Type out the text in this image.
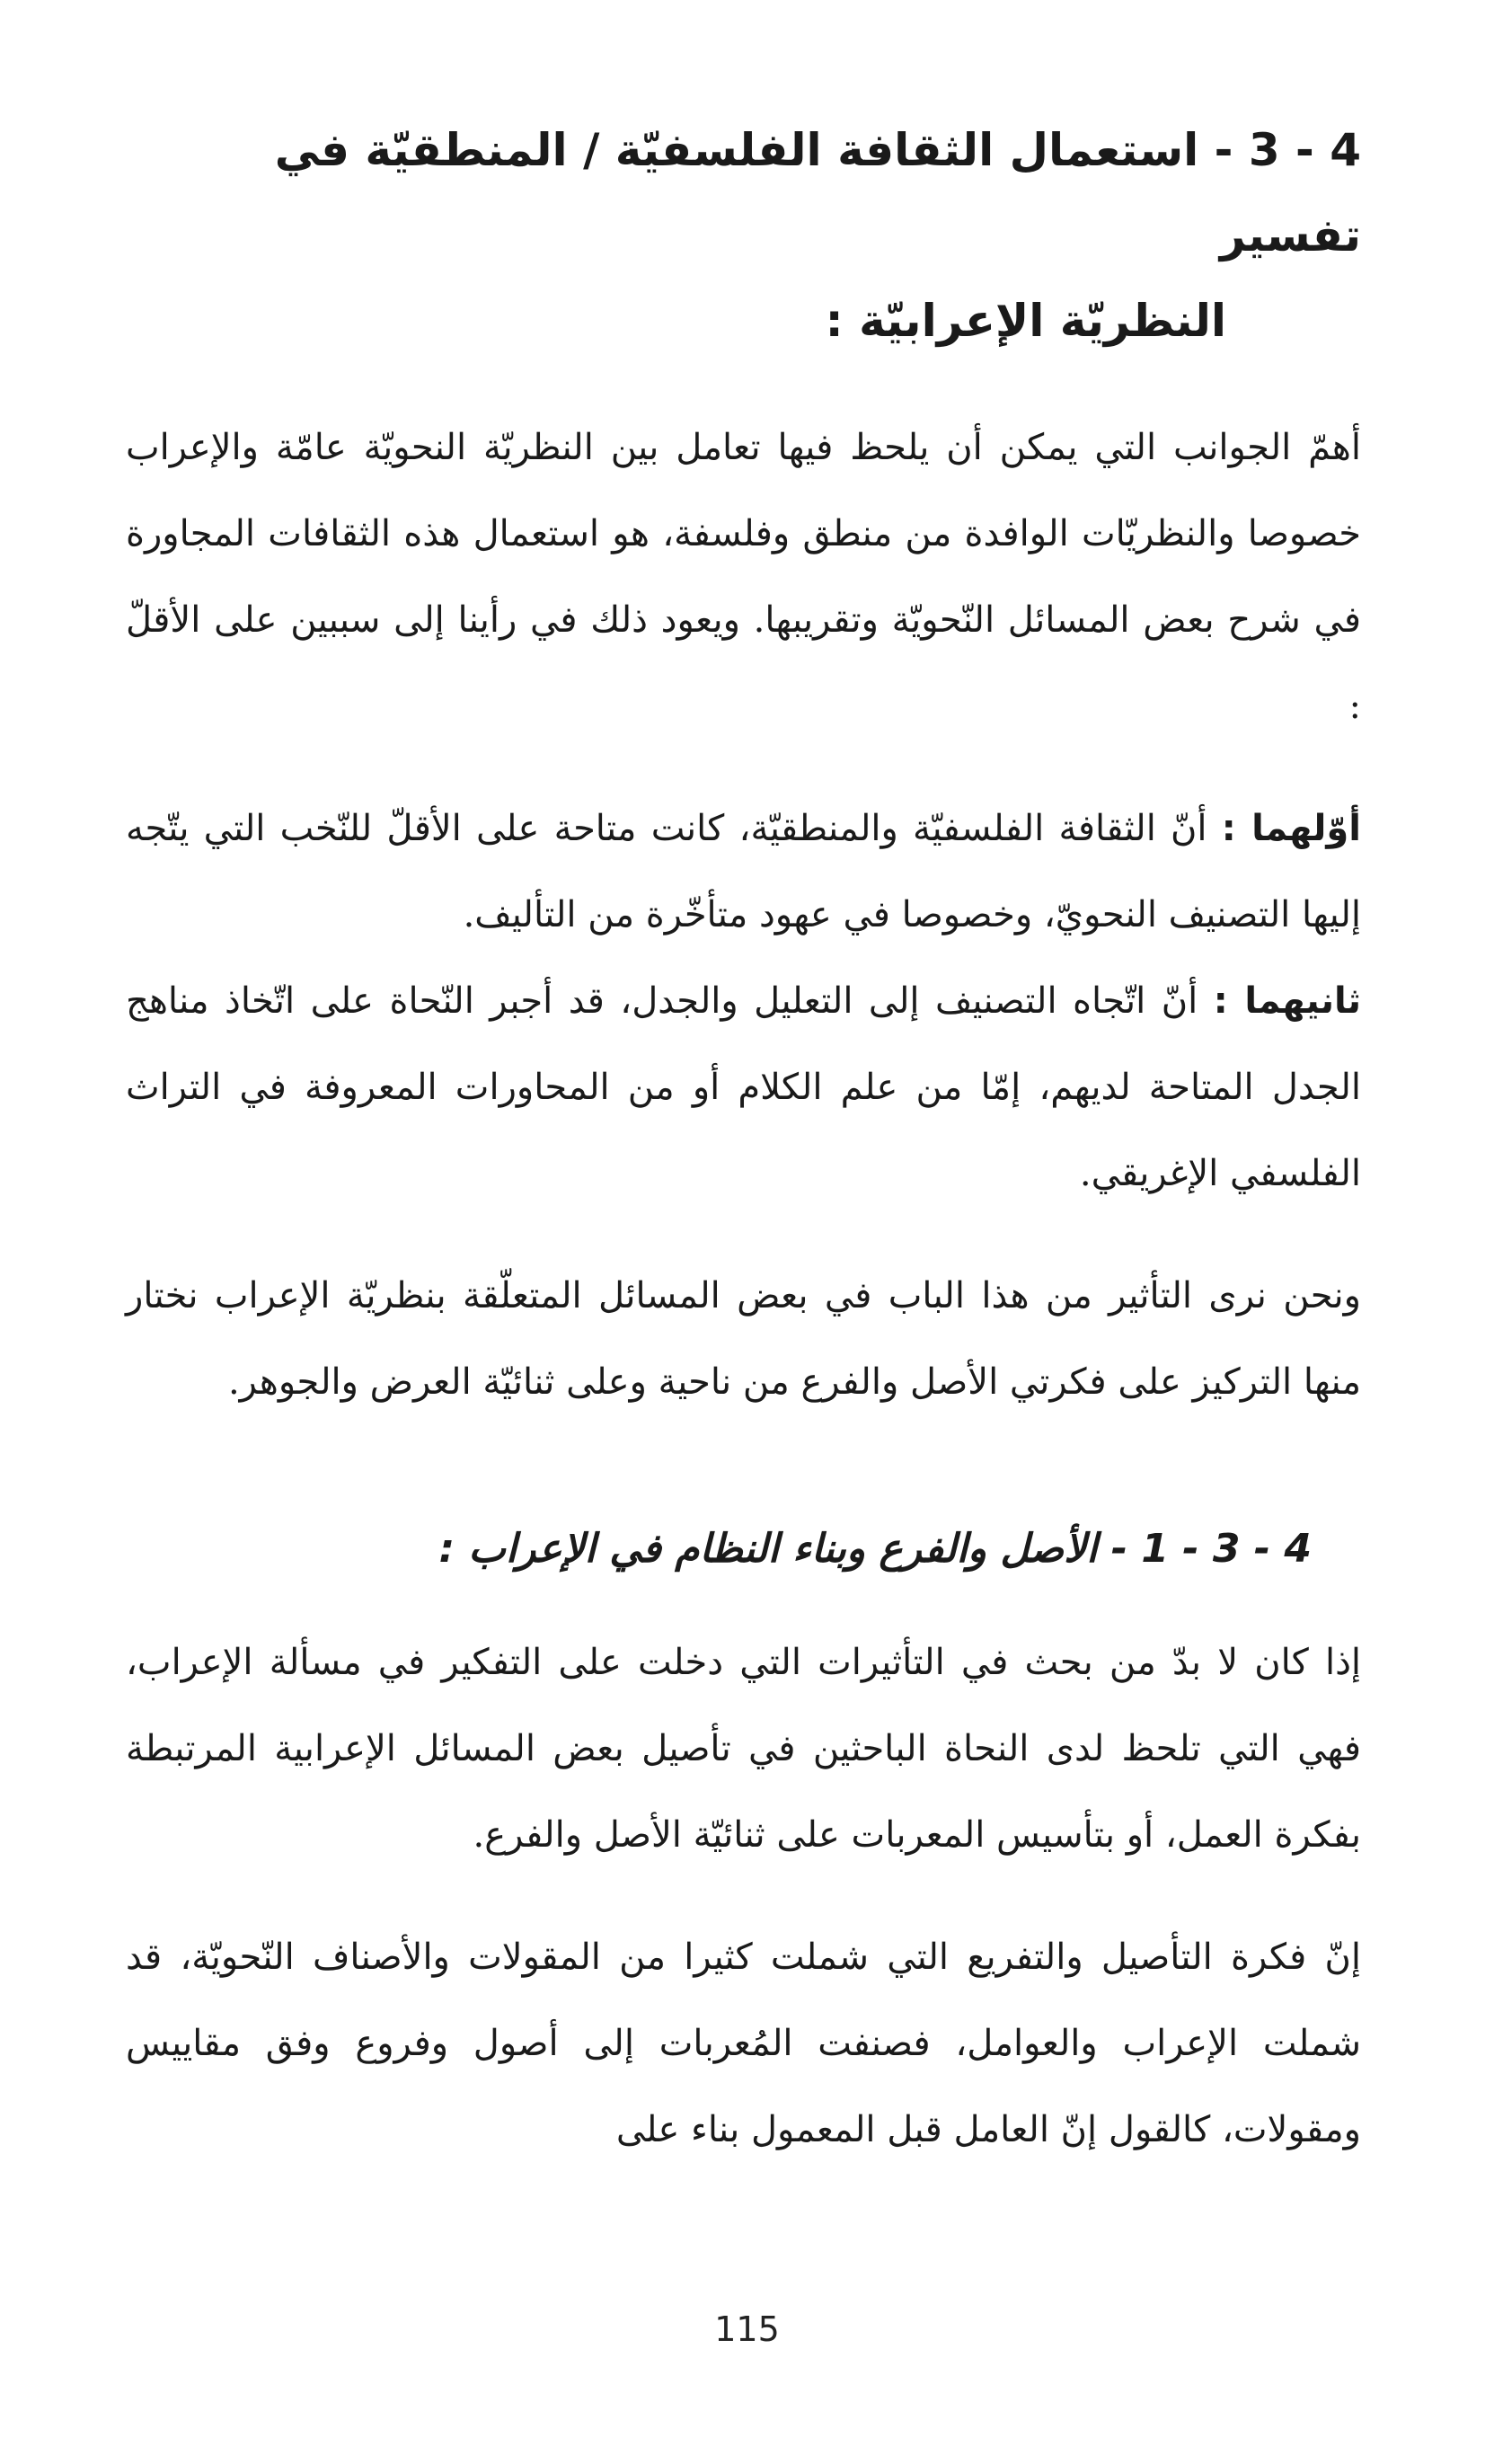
4 - 3 - استعمال الثقافة الفلسفيّة / المنطقيّة في تفسير
النظريّة الإعرابيّة :

أهمّ الجوانب التي يمكن أن يلحظ فيها تعامل بين النظريّة النحويّة عامّة والإعراب خصوصا والنظريّات الوافدة من منطق وفلسفة، هو استعمال هذه الثقافات المجاورة في شرح بعض المسائل النّحويّة وتقريبها. ويعود ذلك في رأينا إلى سببين على الأقلّ :

أوّلهما : أنّ الثقافة الفلسفيّة والمنطقيّة، كانت متاحة على الأقلّ للنّخب التي يتّجه إليها التصنيف النحويّ، وخصوصا في عهود متأخّرة من التأليف.

ثانيهما : أنّ اتّجاه التصنيف إلى التعليل والجدل، قد أجبر النّحاة على اتّخاذ مناهج الجدل المتاحة لديهم، إمّا من علم الكلام أو من المحاورات المعروفة في التراث الفلسفي الإغريقي.

ونحن نرى التأثير من هذا الباب في بعض المسائل المتعلّقة بنظريّة الإعراب نختار منها التركيز على فكرتي الأصل والفرع من ناحية وعلى ثنائيّة العرض والجوهر.

4 - 3 - 1 - الأصل والفرع وبناء النظام في الإعراب :

إذا كان لا بدّ من بحث في التأثيرات التي دخلت على التفكير في مسألة الإعراب، فهي التي تلحظ لدى النحاة الباحثين في تأصيل بعض المسائل الإعرابية المرتبطة بفكرة العمل، أو بتأسيس المعربات على ثنائيّة الأصل والفرع.

إنّ فكرة التأصيل والتفريع التي شملت كثيرا من المقولات والأصناف النّحويّة، قد شملت الإعراب والعوامل، فصنفت المُعربات إلى أصول وفروع وفق مقاييس ومقولات، كالقول إنّ العامل قبل المعمول بناء على

115
